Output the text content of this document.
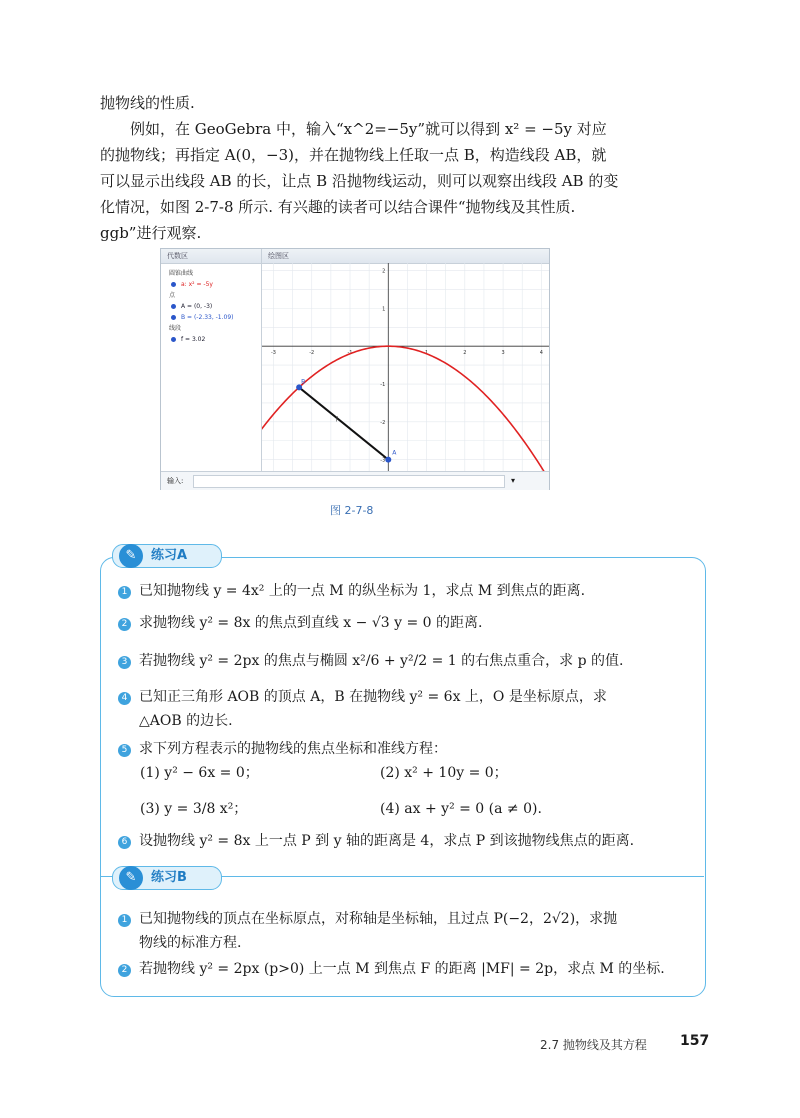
抛物线的性质.

例如，在 GeoGebra 中，输入“x^2=−5y”就可以得到 x² = −5y 对应的抛物线；再指定 A(0，−3)，并在抛物线上任取一点 B，构造线段 AB，就可以显示出线段 AB 的长，让点 B 沿抛物线运动，则可以观察出线段 AB 的变化情况，如图 2-7-8 所示. 有兴趣的读者可以结合课件“抛物线及其性质. ggb”进行观察.

代数区
圆锥曲线
a: x² = -5y
点
A = (0, -3)
B = (-2.33, -1.09)
线段
f = 3.02
绘图区
-3	-2	-1	1	2	3	4
2
1
-1
-2
-3
A
B
f
输入:	▾
图 2-7-8
✎	练习A
1 已知抛物线 y = 4x² 上的一点 M 的纵坐标为 1，求点 M 到焦点的距离.
2 求抛物线 y² = 8x 的焦点到直线 x − √3 y = 0 的距离.
3 若抛物线 y² = 2px 的焦点与椭圆 x²/6 + y²/2 = 1 的右焦点重合，求 p 的值.
4 已知正三角形 AOB 的顶点 A，B 在抛物线 y² = 6x 上，O 是坐标原点，求
△AOB 的边长.
5 求下列方程表示的抛物线的焦点坐标和准线方程：
(1) y² − 6x = 0；	(2) x² + 10y = 0；
(3) y = 3/8 x²；	(4) ax + y² = 0 (a ≠ 0).
6 设抛物线 y² = 8x 上一点 P 到 y 轴的距离是 4，求点 P 到该抛物线焦点的距离.
✎	练习B
1 已知抛物线的顶点在坐标原点，对称轴是坐标轴，且过点 P(−2，2√2)，求抛
物线的标准方程.
2 若抛物线 y² = 2px (p>0) 上一点 M 到焦点 F 的距离 |MF| = 2p，求点 M 的坐标.
2.7 抛物线及其方程 157
